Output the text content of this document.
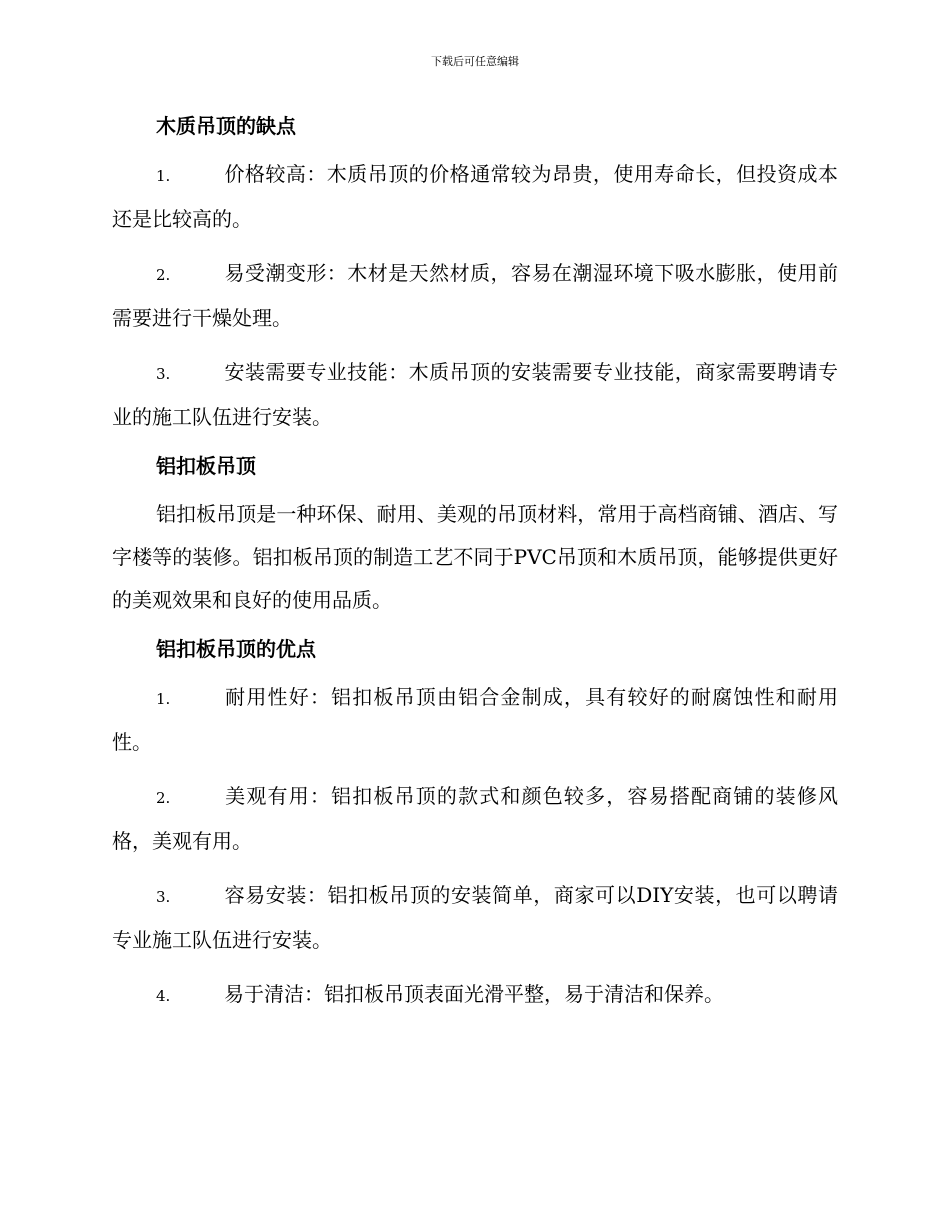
下载后可任意编辑
木质吊顶的缺点

1.	价格较高：木质吊顶的价格通常较为昂贵，使用寿命长，但投资成本还是比较高的。

2.	易受潮变形：木材是天然材质，容易在潮湿环境下吸水膨胀，使用前需要进行干燥处理。

3.	安装需要专业技能：木质吊顶的安装需要专业技能，商家需要聘请专业的施工队伍进行安装。

铝扣板吊顶

铝扣板吊顶是一种环保、耐用、美观的吊顶材料，常用于高档商铺、酒店、写字楼等的装修。铝扣板吊顶的制造工艺不同于PVC吊顶和木质吊顶，能够提供更好的美观效果和良好的使用品质。

铝扣板吊顶的优点

1.	耐用性好：铝扣板吊顶由铝合金制成，具有较好的耐腐蚀性和耐用性。

2.	美观有用：铝扣板吊顶的款式和颜色较多，容易搭配商铺的装修风格，美观有用。

3.	容易安装：铝扣板吊顶的安装简单，商家可以DIY安装，也可以聘请专业施工队伍进行安装。

4.	易于清洁：铝扣板吊顶表面光滑平整，易于清洁和保养。
